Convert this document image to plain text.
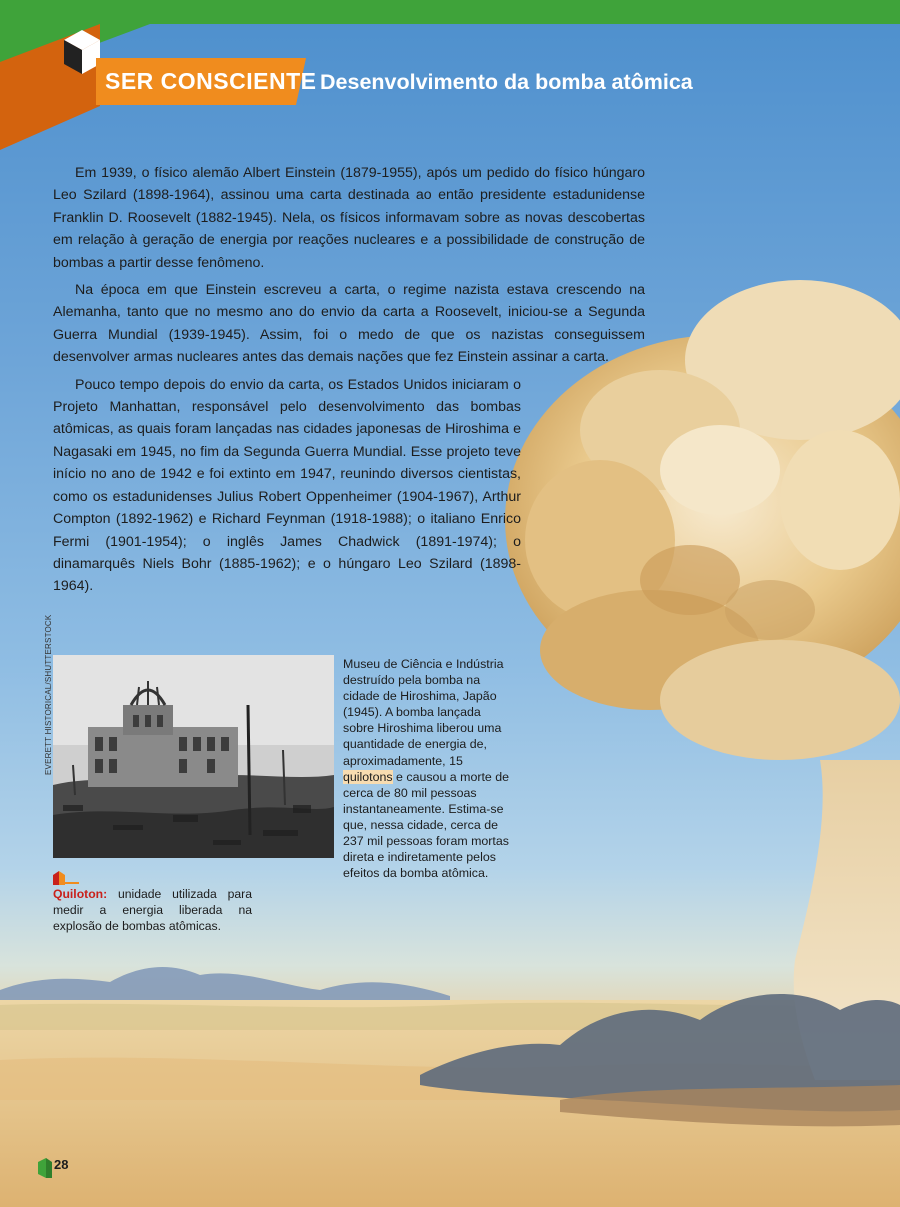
SER CONSCIENTE Desenvolvimento da bomba atômica

Em 1939, o físico alemão Albert Einstein (1879-1955), após um pedido do físico húngaro Leo Szilard (1898-1964), assinou uma carta destinada ao então presidente estadunidense Franklin D. Roosevelt (1882-1945). Nela, os físicos informavam sobre as novas descobertas em relação à geração de energia por reações nucleares e a possibilidade de construção de bombas a partir desse fenômeno.

Na época em que Einstein escreveu a carta, o regime nazista estava crescendo na Alemanha, tanto que no mesmo ano do envio da carta a Roosevelt, iniciou-se a Segunda Guerra Mundial (1939-1945). Assim, foi o medo de que os nazistas conseguissem desenvolver armas nucleares antes das demais nações que fez Einstein assinar a carta.

Pouco tempo depois do envio da carta, os Estados Unidos iniciaram o Projeto Manhattan, responsável pelo desenvolvimento das bombas atômicas, as quais foram lançadas nas cidades japonesas de Hiroshima e Nagasaki em 1945, no fim da Segunda Guerra Mundial. Esse projeto teve início no ano de 1942 e foi extinto em 1947, reunindo diversos cientistas, como os estadunidenses Julius Robert Oppenheimer (1904-1967), Arthur Compton (1892-1962) e Richard Feynman (1918-1988); o italiano Enrico Fermi (1901-1954); o inglês James Chadwick (1891-1974); o dinamarquês Niels Bohr (1885-1962); e o húngaro Leo Szilard (1898-1964).

EVERETT HISTORICAL/SHUTTERSTOCK	Museu de Ciência e Indústria destruído pela bomba na cidade de Hiroshima, Japão (1945). A bomba lançada sobre Hiroshima liberou uma quantidade de energia de, aproximadamente, 15 quilotons e causou a morte de cerca de 80 mil pessoas instantaneamente. Estima-se que, nessa cidade, cerca de 237 mil pessoas foram mortas direta e indiretamente pelos efeitos da bomba atômica.
Quiloton: unidade utilizada para medir a energia liberada na explosão de bombas atômicas.
28
